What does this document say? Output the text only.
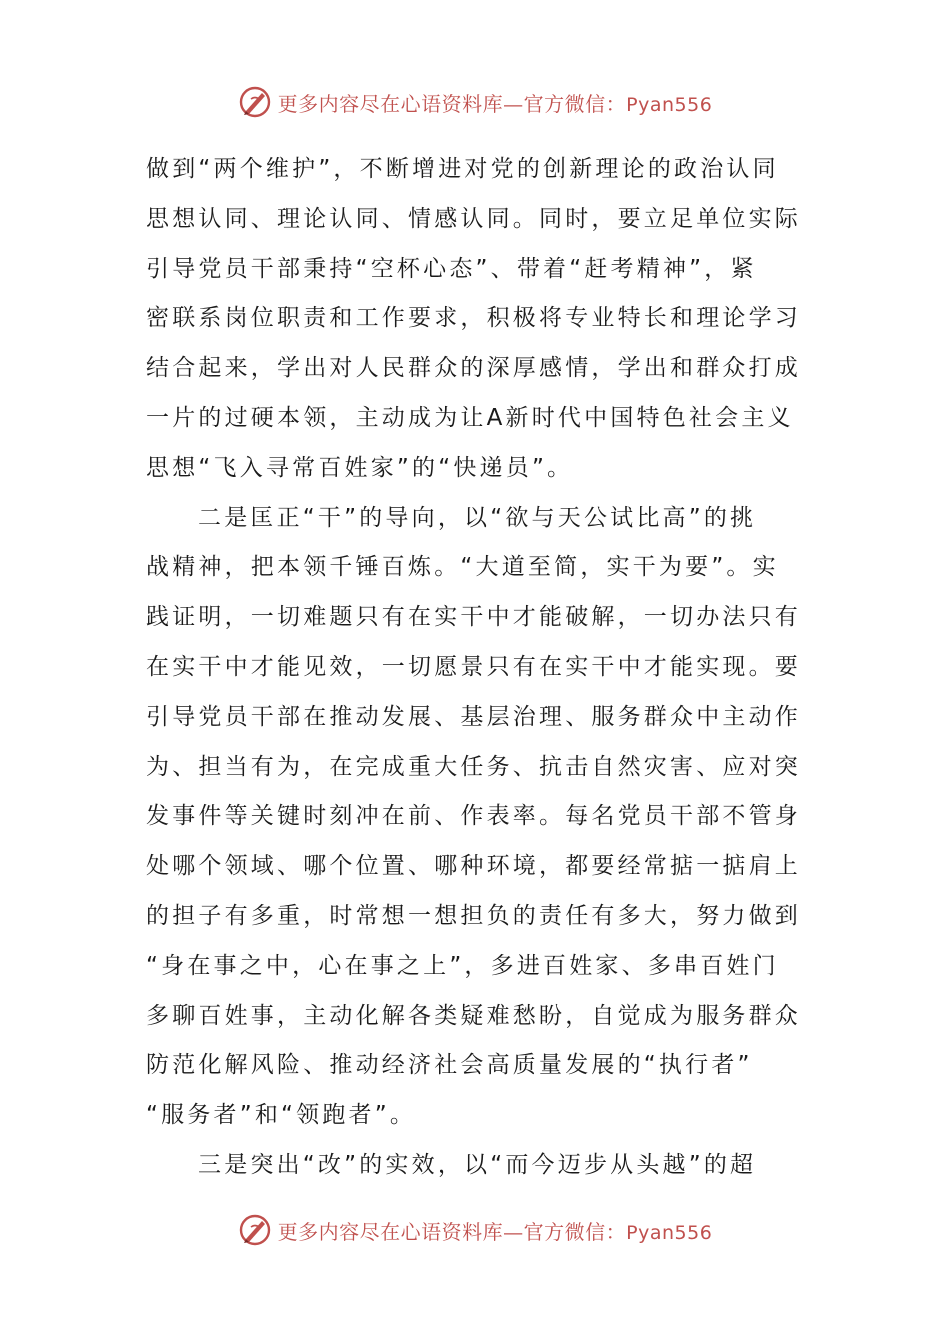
更多内容尽在心语资料库—官方微信：Pyan556
做到“两个维护”，不断增进对党的创新理论的政治认同
思想认同、理论认同、情感认同。同时，要立足单位实际
引导党员干部秉持“空杯心态”、带着“赶考精神”，紧
密联系岗位职责和工作要求，积极将专业特长和理论学习
结合起来，学出对人民群众的深厚感情，学出和群众打成
一片的过硬本领，主动成为让A新时代中国特色社会主义
思想“飞入寻常百姓家”的“快递员”。
二是匡正“干”的导向，以“欲与天公试比高”的挑
战精神，把本领千锤百炼。“大道至简，实干为要”。实
践证明，一切难题只有在实干中才能破解，一切办法只有
在实干中才能见效，一切愿景只有在实干中才能实现。要
引导党员干部在推动发展、基层治理、服务群众中主动作
为、担当有为，在完成重大任务、抗击自然灾害、应对突
发事件等关键时刻冲在前、作表率。每名党员干部不管身
处哪个领域、哪个位置、哪种环境，都要经常掂一掂肩上
的担子有多重，时常想一想担负的责任有多大，努力做到
“身在事之中，心在事之上”，多进百姓家、多串百姓门
多聊百姓事，主动化解各类疑难愁盼，自觉成为服务群众
防范化解风险、推动经济社会高质量发展的“执行者”
“服务者”和“领跑者”。
三是突出“改”的实效，以“而今迈步从头越”的超
更多内容尽在心语资料库—官方微信：Pyan556
